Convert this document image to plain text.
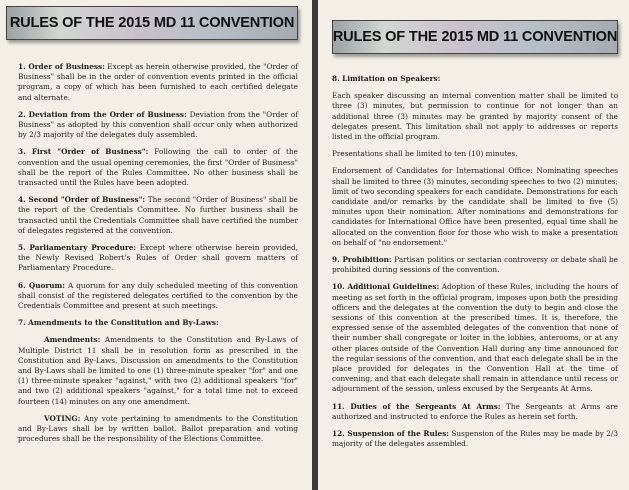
RULES OF THE 2015 MD 11 CONVENTION

1. Order of Business: Except as herein otherwise provided, the "Order of Business" shall be in the order of convention events printed in the official program, a copy of which has been furnished to each certified delegate and alternate.

2. Deviation from the Order of Business: Deviation from the "Order of Business" as adopted by this convention shall occur only when authorized by 2/3 majority of the delegates duly assembled.

3. First "Order of Business": Following the call to order of the convention and the usual opening ceremonies, the first "Order of Business" shall be the report of the Rules Committee. No other business shall be transacted until the Rules have been adopted.

4. Second "Order of Business": The second "Order of Business" shall be the report of the Credentials Committee. No further business shall be transacted until the Credentials Committee shall have certified the number of delegates registered at the convention.

5. Parliamentary Procedure: Except where otherwise herein provided, the Newly Revised Robert's Rules of Order shall govern matters of Parliamentary Procedure.

6. Quorum: A quorum for any duly scheduled meeting of this convention shall consist of the registered delegates certified to the convention by the Credentials Committee and present at such meetings.

7. Amendments to the Constitution and By-Laws:

Amendments: Amendments to the Constitution and By-Laws of Multiple District 11 shall be in resolution form as prescribed in the Constitution and By-Laws. Discussion on amendments to the Constitution and By-Laws shall be limited to one (1) three-minute speaker "for" and one (1) three-minute speaker "against," with two (2) additional speakers "for" and two (2) additional speakers "against," for a total time not to exceed fourteen (14) minutes on any one amendment.

VOTING: Any vote pertaining to amendments to the Constitution and By-Laws shall be by written ballot. Ballot preparation and voting procedures shall be the responsibility of the Elections Committee.

RULES OF THE 2015 MD 11 CONVENTION

8. Limitation on Speakers:

Each speaker discussing an internal convention matter shall be limited to three (3) minutes, but permission to continue for not longer than an additional three (3) minutes may be granted by majority consent of the delegates present. This limitation shall not apply to addresses or reports listed in the official program.

Presentations shall be limited to ten (10) minutes.

Endorsement of Candidates for International Office: Nominating speeches shall be limited to three (3) minutes, seconding speeches to two (2) minutes; limit of two seconding speakers for each candidate. Demonstrations for each candidate and/or remarks by the candidate shall be limited to five (5) minutes upon their nomination. After nominations and demonstrations for candidates for International Office have been presented, equal time shall be allocated on the convention floor for those who wish to make a presentation on behalf of "no endorsement."

9. Prohibition: Partisan politics or sectarian controversy or debate shall be prohibited during sessions of the convention.

10. Additional Guidelines: Adoption of these Rules, including the hours of meeting as set forth in the official program, imposes upon both the presiding officers and the delegates at the convention the duty to begin and close the sessions of this convention at the prescribed times. It is, therefore, the expressed sense of the assembled delegates of the convention that none of their number shall congregate or loiter in the lobbies, anterooms, or at any other places outside of the Convention Hall during any time announced for the regular sessions of the convention, and that each delegate shall be in the place provided for delegates in the Convention Hall at the time of convening, and that each delegate shall remain in attendance until recess or adjournment of the session, unless excused by the Sergeants At Arms.

11. Duties of the Sergeants At Arms: The Sergeants at Arms are authorized and instructed to enforce the Rules as herein set forth.

12. Suspension of the Rules: Suspension of the Rules may be made by 2/3 majority of the delegates assembled.
